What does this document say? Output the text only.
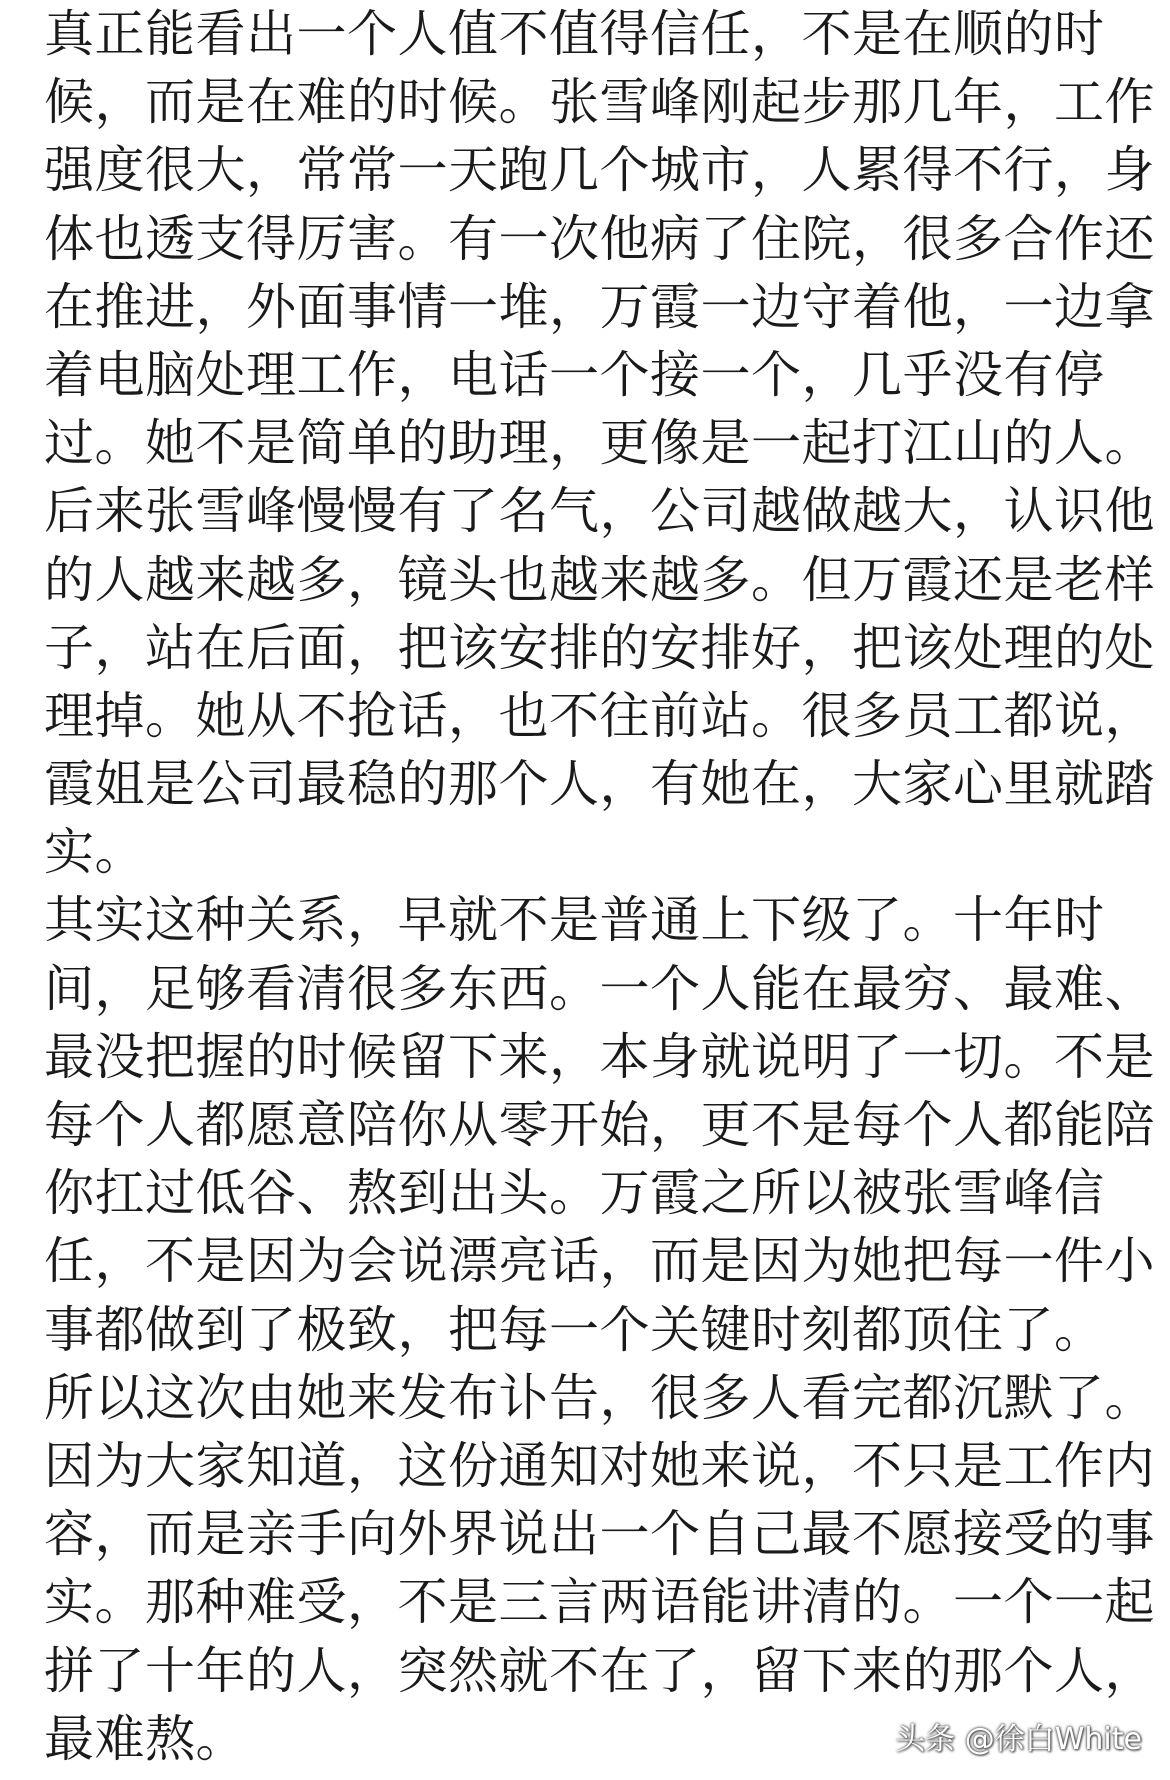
真正能看出一个人值不值得信任，不是在顺的时
候，而是在难的时候。张雪峰刚起步那几年，工作
强度很大，常常一天跑几个城市，人累得不行，身
体也透支得厉害。有一次他病了住院，很多合作还
在推进，外面事情一堆，万霞一边守着他，一边拿
着电脑处理工作，电话一个接一个，几乎没有停
过。她不是简单的助理，更像是一起打江山的人。
后来张雪峰慢慢有了名气，公司越做越大，认识他
的人越来越多，镜头也越来越多。但万霞还是老样
子，站在后面，把该安排的安排好，把该处理的处
理掉。她从不抢话，也不往前站。很多员工都说，
霞姐是公司最稳的那个人，有她在，大家心里就踏
实。
其实这种关系，早就不是普通上下级了。十年时
间，足够看清很多东西。一个人能在最穷、最难、
最没把握的时候留下来，本身就说明了一切。不是
每个人都愿意陪你从零开始，更不是每个人都能陪
你扛过低谷、熬到出头。万霞之所以被张雪峰信
任，不是因为会说漂亮话，而是因为她把每一件小
事都做到了极致，把每一个关键时刻都顶住了。
所以这次由她来发布讣告，很多人看完都沉默了。
因为大家知道，这份通知对她来说，不只是工作内
容，而是亲手向外界说出一个自己最不愿接受的事
实。那种难受，不是三言两语能讲清的。一个一起
拼了十年的人，突然就不在了，留下来的那个人，
最难熬。	头条 @徐白White
